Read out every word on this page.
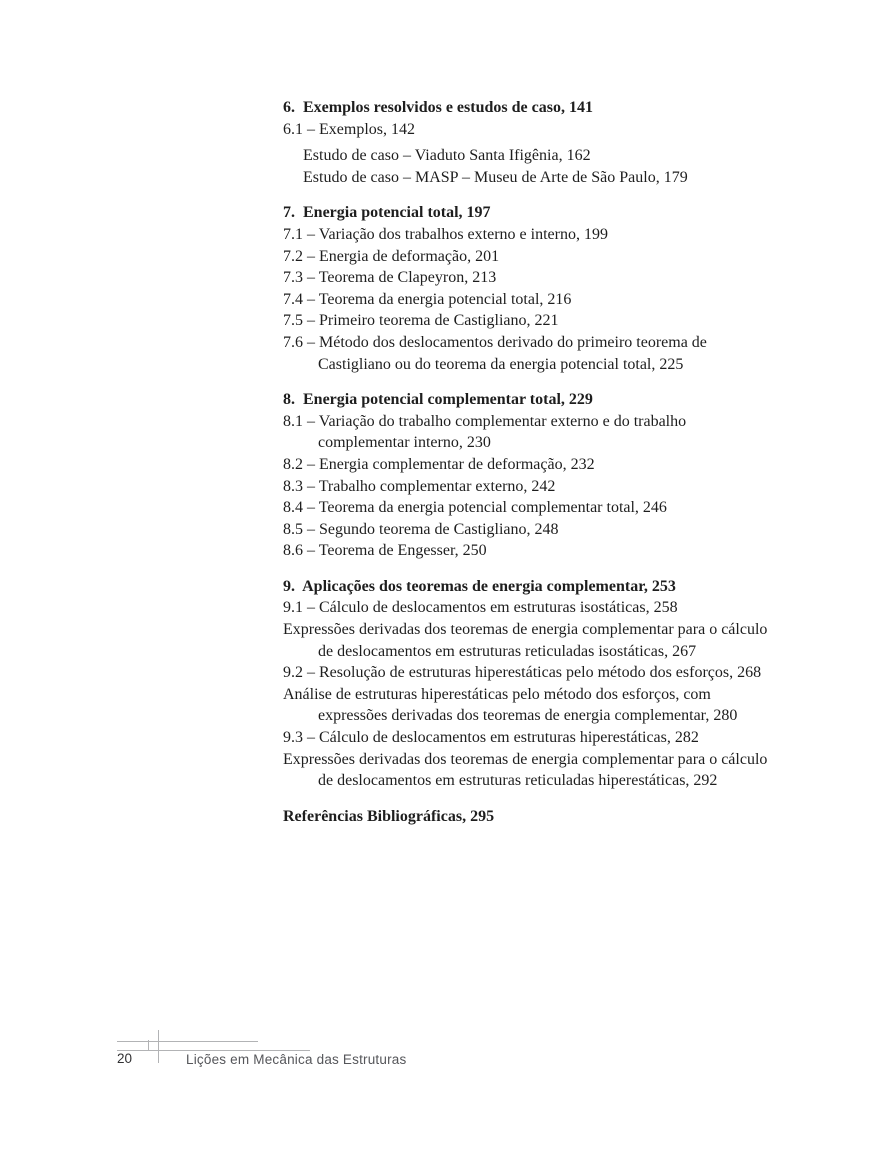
6.  Exemplos resolvidos e estudos de caso, 141
6.1 – Exemplos, 142
Estudo de caso – Viaduto Santa Ifigênia, 162
Estudo de caso – MASP – Museu de Arte de São Paulo, 179
7.  Energia potencial total, 197
7.1 – Variação dos trabalhos externo e interno, 199
7.2 – Energia de deformação, 201
7.3 – Teorema de Clapeyron, 213
7.4 – Teorema da energia potencial total, 216
7.5 – Primeiro teorema de Castigliano, 221
7.6 – Método dos deslocamentos derivado do primeiro teorema de
Castigliano ou do teorema da energia potencial total, 225
8.  Energia potencial complementar total, 229
8.1 – Variação do trabalho complementar externo e do trabalho
complementar interno, 230
8.2 – Energia complementar de deformação, 232
8.3 – Trabalho complementar externo, 242
8.4 – Teorema da energia potencial complementar total, 246
8.5 – Segundo teorema de Castigliano, 248
8.6 – Teorema de Engesser, 250
9.  Aplicações dos teoremas de energia complementar, 253
9.1 – Cálculo de deslocamentos em estruturas isostáticas, 258
Expressões derivadas dos teoremas de energia complementar para o cálculo
de deslocamentos em estruturas reticuladas isostáticas, 267
9.2 – Resolução de estruturas hiperestáticas pelo método dos esforços, 268
Análise de estruturas hiperestáticas pelo método dos esforços, com
expressões derivadas dos teoremas de energia complementar, 280
9.3 – Cálculo de deslocamentos em estruturas hiperestáticas, 282
Expressões derivadas dos teoremas de energia complementar para o cálculo
de deslocamentos em estruturas reticuladas hiperestáticas, 292
Referências Bibliográficas, 295
20	Lições em Mecânica das Estruturas
